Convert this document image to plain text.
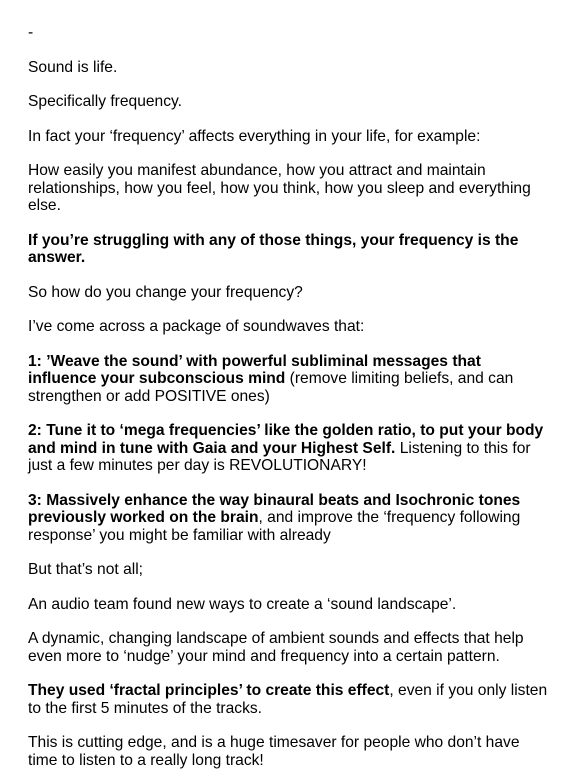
-

Sound is life.

Specifically frequency.

In fact your ‘frequency’ affects everything in your life, for example:

How easily you manifest abundance, how you attract and maintain relationships, how you feel, how you think, how you sleep and everything else.

If you’re struggling with any of those things, your frequency is the answer.

So how do you change your frequency?

I’ve come across a package of soundwaves that:

1: ’Weave the sound’ with powerful subliminal messages that influence your subconscious mind (remove limiting beliefs, and can strengthen or add POSITIVE ones)

2: Tune it to ‘mega frequencies’ like the golden ratio, to put your body and mind in tune with Gaia and your Highest Self. Listening to this for just a few minutes per day is REVOLUTIONARY!

3: Massively enhance the way binaural beats and Isochronic tones previously worked on the brain, and improve the ‘frequency following response’ you might be familiar with already

But that’s not all;

An audio team found new ways to create a ‘sound landscape’.

A dynamic, changing landscape of ambient sounds and effects that help even more to ‘nudge’ your mind and frequency into a certain pattern.

They used ‘fractal principles’ to create this effect, even if you only listen to the first 5 minutes of the tracks.

This is cutting edge, and is a huge timesaver for people who don’t have time to listen to a really long track!
